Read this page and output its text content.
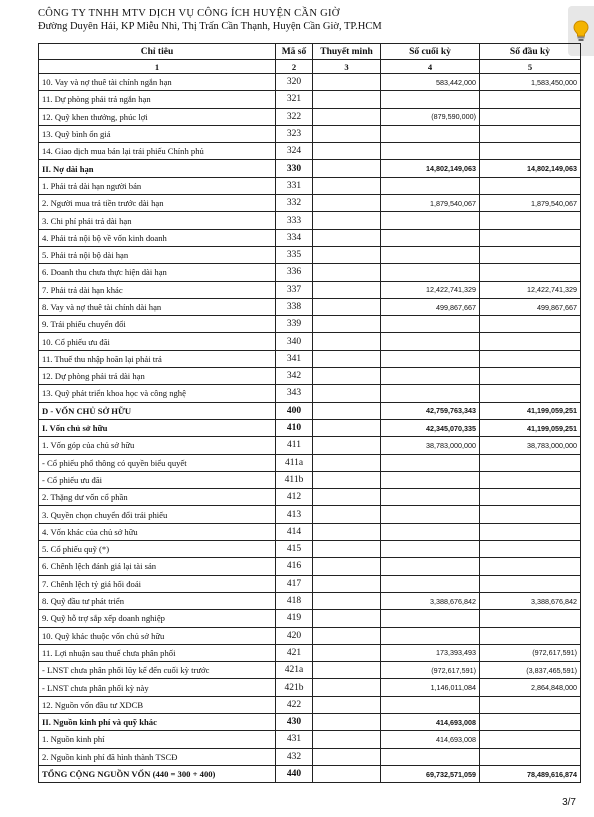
CÔNG TY TNHH MTV DỊCH VỤ CÔNG ÍCH HUYỆN CẦN GIỜ
Đường Duyên Hải, KP Miễu Nhì, Thị Trấn Cần Thạnh, Huyện Cần Giờ, TP.HCM
Chỉ tiêu	Mã số	Thuyết minh	Số cuối kỳ	Số đầu kỳ
1	2	3	4	5
10. Vay và nợ thuê tài chính ngắn hạn	320		583,442,000	1,583,450,000
11. Dự phòng phải trả ngắn hạn	321			
12. Quỹ khen thưởng, phúc lợi	322		(879,590,000)	
13. Quỹ bình ổn giá	323			
14. Giao dịch mua bán lại trái phiếu Chính phủ	324			
II. Nợ dài hạn	330		14,802,149,063	14,802,149,063
1. Phải trả dài hạn người bán	331			
2. Người mua trả tiền trước dài hạn	332		1,879,540,067	1,879,540,067
3. Chi phí phải trả dài hạn	333			
4. Phải trả nội bộ về vốn kinh doanh	334			
5. Phải trả nội bộ dài hạn	335			
6. Doanh thu chưa thực hiện dài hạn	336			
7. Phải trả dài hạn khác	337		12,422,741,329	12,422,741,329
8. Vay và nợ thuê tài chính dài hạn	338		499,867,667	499,867,667
9. Trái phiếu chuyển đổi	339			
10. Cổ phiếu ưu đãi	340			
11. Thuế thu nhập hoãn lại phải trả	341			
12. Dự phòng phải trả dài hạn	342			
13. Quỹ phát triển khoa học và công nghệ	343			
D - VỐN CHỦ SỞ HỮU	400		42,759,763,343	41,199,059,251
I. Vốn chủ sở hữu	410		42,345,070,335	41,199,059,251
1. Vốn góp của chủ sở hữu	411		38,783,000,000	38,783,000,000
- Cổ phiếu phổ thông có quyền biểu quyết	411a			
- Cổ phiếu ưu đãi	411b			
2. Thặng dư vốn cổ phần	412			
3. Quyền chọn chuyển đổi trái phiếu	413			
4. Vốn khác của chủ sở hữu	414			
5. Cổ phiếu quỹ (*)	415			
6. Chênh lệch đánh giá lại tài sản	416			
7. Chênh lệch tỷ giá hối đoái	417			
8. Quỹ đầu tư phát triển	418		3,388,676,842	3,388,676,842
9. Quỹ hỗ trợ sắp xếp doanh nghiệp	419			
10. Quỹ khác thuộc vốn chủ sở hữu	420			
11. Lợi nhuận sau thuế chưa phân phối	421		173,393,493	(972,617,591)
- LNST chưa phân phối lũy kế đến cuối kỳ trước	421a		(972,617,591)	(3,837,465,591)
- LNST chưa phân phối kỳ này	421b		1,146,011,084	2,864,848,000
12. Nguồn vốn đầu tư XDCB	422			
II. Nguồn kinh phí và quỹ khác	430		414,693,008	
1. Nguồn kinh phí	431		414,693,008	
2. Nguồn kinh phí đã hình thành TSCĐ	432			
TỔNG CỘNG NGUỒN VỐN (440 = 300 + 400)	440		69,732,571,059	78,489,616,874
3/7
